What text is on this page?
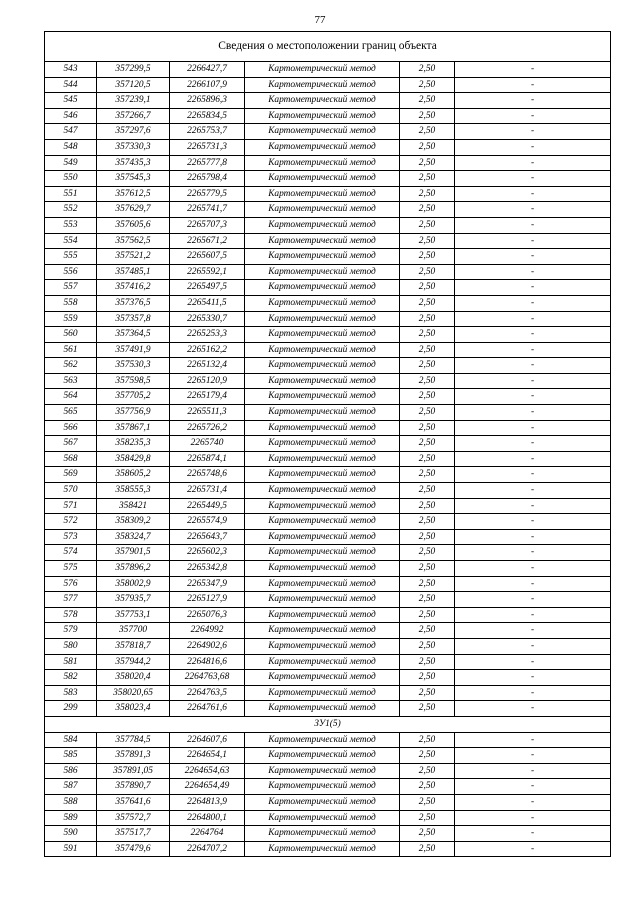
77
Сведения о местоположении границ объекта					
543	357299,5	2266427,7	Картометрический метод	2,50	-
544	357120,5	2266107,9	Картометрический метод	2,50	-
545	357239,1	2265896,3	Картометрический метод	2,50	-
546	357266,7	2265834,5	Картометрический метод	2,50	-
547	357297,6	2265753,7	Картометрический метод	2,50	-
548	357330,3	2265731,3	Картометрический метод	2,50	-
549	357435,3	2265777,8	Картометрический метод	2,50	-
550	357545,3	2265798,4	Картометрический метод	2,50	-
551	357612,5	2265779,5	Картометрический метод	2,50	-
552	357629,7	2265741,7	Картометрический метод	2,50	-
553	357605,6	2265707,3	Картометрический метод	2,50	-
554	357562,5	2265671,2	Картометрический метод	2,50	-
555	357521,2	2265607,5	Картометрический метод	2,50	-
556	357485,1	2265592,1	Картометрический метод	2,50	-
557	357416,2	2265497,5	Картометрический метод	2,50	-
558	357376,5	2265411,5	Картометрический метод	2,50	-
559	357357,8	2265330,7	Картометрический метод	2,50	-
560	357364,5	2265253,3	Картометрический метод	2,50	-
561	357491,9	2265162,2	Картометрический метод	2,50	-
562	357530,3	2265132,4	Картометрический метод	2,50	-
563	357598,5	2265120,9	Картометрический метод	2,50	-
564	357705,2	2265179,4	Картометрический метод	2,50	-
565	357756,9	2265511,3	Картометрический метод	2,50	-
566	357867,1	2265726,2	Картометрический метод	2,50	-
567	358235,3	2265740	Картометрический метод	2,50	-
568	358429,8	2265874,1	Картометрический метод	2,50	-
569	358605,2	2265748,6	Картометрический метод	2,50	-
570	358555,3	2265731,4	Картометрический метод	2,50	-
571	358421	2265449,5	Картометрический метод	2,50	-
572	358309,2	2265574,9	Картометрический метод	2,50	-
573	358324,7	2265643,7	Картометрический метод	2,50	-
574	357901,5	2265602,3	Картометрический метод	2,50	-
575	357896,2	2265342,8	Картометрический метод	2,50	-
576	358002,9	2265347,9	Картометрический метод	2,50	-
577	357935,7	2265127,9	Картометрический метод	2,50	-
578	357753,1	2265076,3	Картометрический метод	2,50	-
579	357700	2264992	Картометрический метод	2,50	-
580	357818,7	2264902,6	Картометрический метод	2,50	-
581	357944,2	2264816,6	Картометрический метод	2,50	-
582	358020,4	2264763,68	Картометрический метод	2,50	-
583	358020,65	2264763,5	Картометрический метод	2,50	-
299	358023,4	2264761,6	Картометрический метод	2,50	-
ЗУ1(5)					
584	357784,5	2264607,6	Картометрический метод	2,50	-
585	357891,3	2264654,1	Картометрический метод	2,50	-
586	357891,05	2264654,63	Картометрический метод	2,50	-
587	357890,7	2264654,49	Картометрический метод	2,50	-
588	357641,6	2264813,9	Картометрический метод	2,50	-
589	357572,7	2264800,1	Картометрический метод	2,50	-
590	357517,7	2264764	Картометрический метод	2,50	-
591	357479,6	2264707,2	Картометрический метод	2,50	-
